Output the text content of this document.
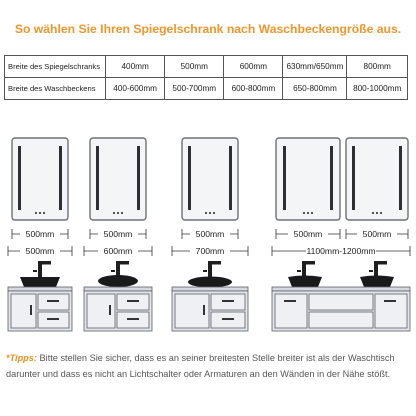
So wählen Sie Ihren Spiegelschrank nach Waschbeckengröße aus.
Breite des Spiegelschranks	400mm	500mm	600mm	630mm/650mm	800mm
Breite des Waschbeckens	400-600mm	500-700mm	600-800mm	650-800mm	800-1000mm
500mm	500mm	500mm	500mm	500mm
500mm	600mm	700mm	1100mm-1200mm
*Tipps: Bitte stellen Sie sicher, dass es an seiner breitesten Stelle breiter ist als der Waschtisch darunter und dass es nicht an Lichtschalter oder Armaturen an den Wänden in der Nähe stößt.
